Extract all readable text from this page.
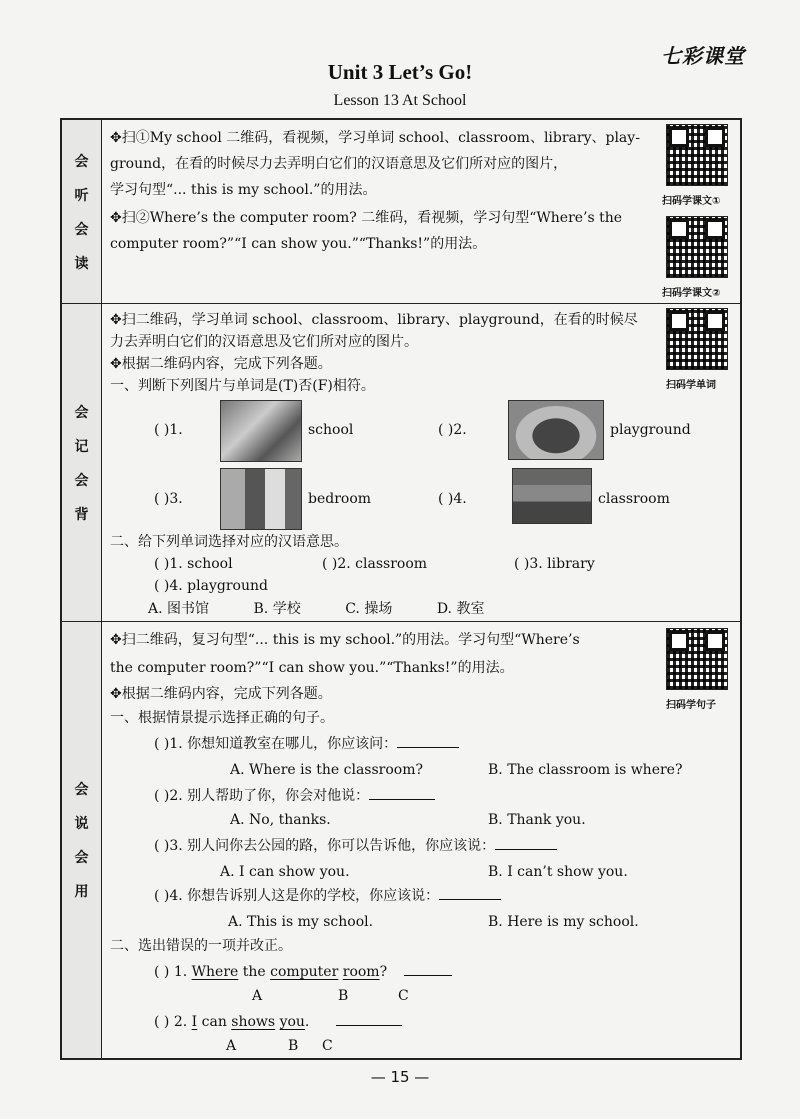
七彩课堂
Unit 3 Let’s Go!
Lesson 13 At School
会
听
会
读
✥扫①My school 二维码，看视频，学习单词 school、classroom、library、play-
ground，在看的时候尽力去弄明白它们的汉语意思及它们所对应的图片，
学习句型“... this is my school.”的用法。
✥扫②Where’s the computer room? 二维码，看视频，学习句型“Where’s the
computer room?”“I can show you.”“Thanks!”的用法。
扫码学课文①
扫码学课文②
会
记
会
背
✥扫二维码，学习单词 school、classroom、library、playground，在看的时候尽
力去弄明白它们的汉语意思及它们所对应的图片。
✥根据二维码内容，完成下列各题。
一、判断下列图片与单词是(T)否(F)相符。	扫码学单词
( )1.	school	( )2.	playground
( )3.	bedroom	( )4.	classroom
二、给下列单词选择对应的汉语意思。
( )1. school	( )2. classroom	( )3. library
( )4. playground
A. 图书馆          B. 学校          C. 操场          D. 教室
会
说
会
用
✥扫二维码，复习句型“... this is my school.”的用法。学习句型“Where’s
the computer room?”“I can show you.”“Thanks!”的用法。
✥根据二维码内容，完成下列各题。
扫码学句子
一、根据情景提示选择正确的句子。
( )1. 你想知道教室在哪儿，你应该问：
A. Where is the classroom?	B. The classroom is where?
( )2. 别人帮助了你，你会对他说：
A. No, thanks.	B. Thank you.
( )3. 别人问你去公园的路，你可以告诉他，你应该说：
A. I can show you.	B. I can’t show you.
( )4. 你想告诉别人这是你的学校，你应该说：
A. This is my school.	B. Here is my school.
二、选出错误的一项并改正。
( ) 1. Where the computer room?
A	B	C
( ) 2. I can shows you.
A	B C
— 15 —
